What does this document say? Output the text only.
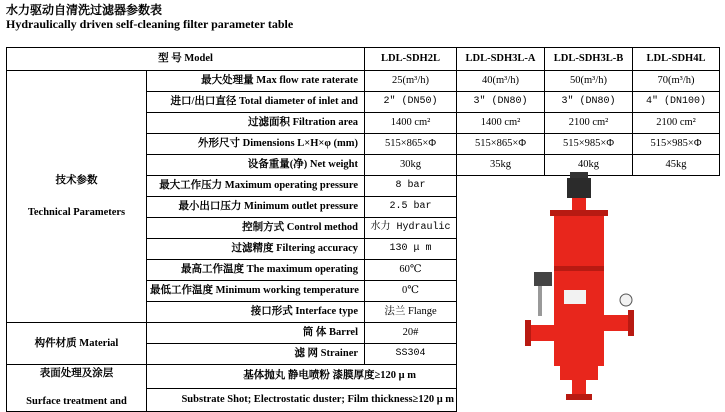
水力驱动自清洗过滤器参数表
Hydraulically driven self-cleaning filter parameter table
型 号 Model		LDL-SDH2L	LDL-SDH3L-A	LDL-SDH3L-B	LDL-SDH4L

技术参数
Technical Parameters	最大处理量 Max flow rate raterate	25(m³/h)	40(m³/h)	50(m³/h)	70(m³/h)
	进口/出口直径 Total diameter of inlet and	2″ (DN50)	3″ (DN80)	3″ (DN80)	4″ (DN100)
	过滤面积 Filtration area	1400 cm²	1400 cm²	2100 cm²	2100 cm²
	外形尺寸 Dimensions L×H×φ (mm)	515×865×Φ	515×865×Φ	515×985×Φ	515×985×Φ
	设备重量(净) Net weight	30kg	35kg	40kg	45kg
	最大工作压力 Maximum operating pressure	8 bar			
	最小出口压力 Minimum outlet pressure	2.5 bar			
	控制方式 Control method	水力 Hydraulic			
	过滤精度 Filtering accuracy	130 μ m			
	最高工作温度 The maximum operating	60℃			
	最低工作温度 Minimum working temperature	0℃			
	接口形式 Interface type	法兰 Flange			
构件材质 Material	筒 体 Barrel	20#			
	滤 网 Strainer	SS304			

表面处理及涂层
Surface treatment and	基体抛丸 静电喷粉 漆膜厚度≥120 μ m				
	Substrate Shot; Electrostatic duster; Film thickness≥120 μ m				
